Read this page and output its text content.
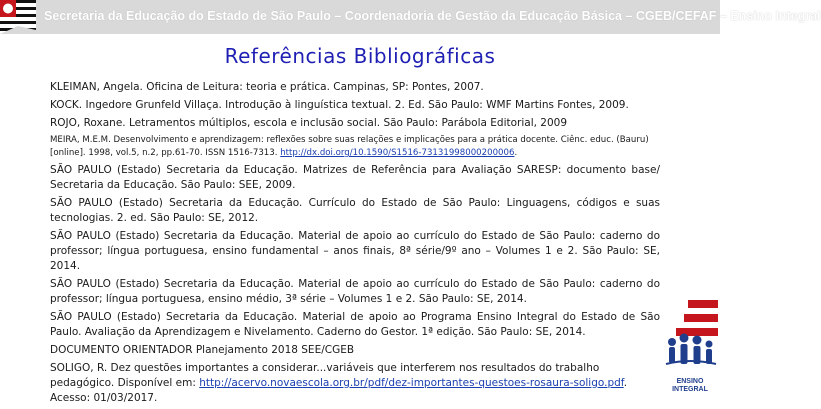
Secretaria da Educação do Estado de São Paulo – Coordenadoria de Gestão da Educação Básica – CGEB/CEFAF – Ensino Integral
Referências Bibliográficas
KLEIMAN, Angela. Oficina de Leitura: teoria e prática. Campinas, SP: Pontes, 2007.
KOCK. Ingedore Grunfeld Villaça. Introdução à linguística textual. 2. Ed. São Paulo: WMF Martins Fontes, 2009.
ROJO, Roxane. Letramentos múltiplos, escola e inclusão social. São Paulo: Parábola Editorial, 2009
MEIRA, M.E.M. Desenvolvimento e aprendizagem: reflexões sobre suas relações e implicações para a prática docente. Ciênc. educ. (Bauru) [online]. 1998, vol.5, n.2, pp.61-70. ISSN 1516-7313. http://dx.doi.org/10.1590/S1516-73131998000200006.
SÃO PAULO (Estado) Secretaria da Educação. Matrizes de Referência para Avaliação SARESP: documento base/ Secretaria da Educação. São Paulo: SEE, 2009.
SÃO PAULO (Estado) Secretaria da Educação. Currículo do Estado de São Paulo: Linguagens, códigos e suas tecnologias. 2. ed. São Paulo: SE, 2012.
SÃO PAULO (Estado) Secretaria da Educação. Material de apoio ao currículo do Estado de São Paulo: caderno do professor; língua portuguesa, ensino fundamental – anos finais, 8ª série/9º ano – Volumes 1 e 2. São Paulo: SE, 2014.
SÃO PAULO (Estado) Secretaria da Educação. Material de apoio ao currículo do Estado de São Paulo: caderno do professor; língua portuguesa, ensino médio, 3ª série – Volumes 1 e 2. São Paulo: SE, 2014.
SÃO PAULO (Estado) Secretaria da Educação. Material de apoio ao Programa Ensino Integral do Estado de São Paulo. Avaliação da Aprendizagem e Nivelamento. Caderno do Gestor. 1ª edição. São Paulo: SE, 2014.
DOCUMENTO ORIENTADOR Planejamento 2018 SEE/CGEB
SOLIGO, R. Dez questões importantes a considerar...variáveis que interferem nos resultados do trabalho pedagógico. Disponível em: http://acervo.novaescola.org.br/pdf/dez-importantes-questoes-rosaura-soligo.pdf. Acesso: 01/03/2017.
ENSINO
INTEGRAL
